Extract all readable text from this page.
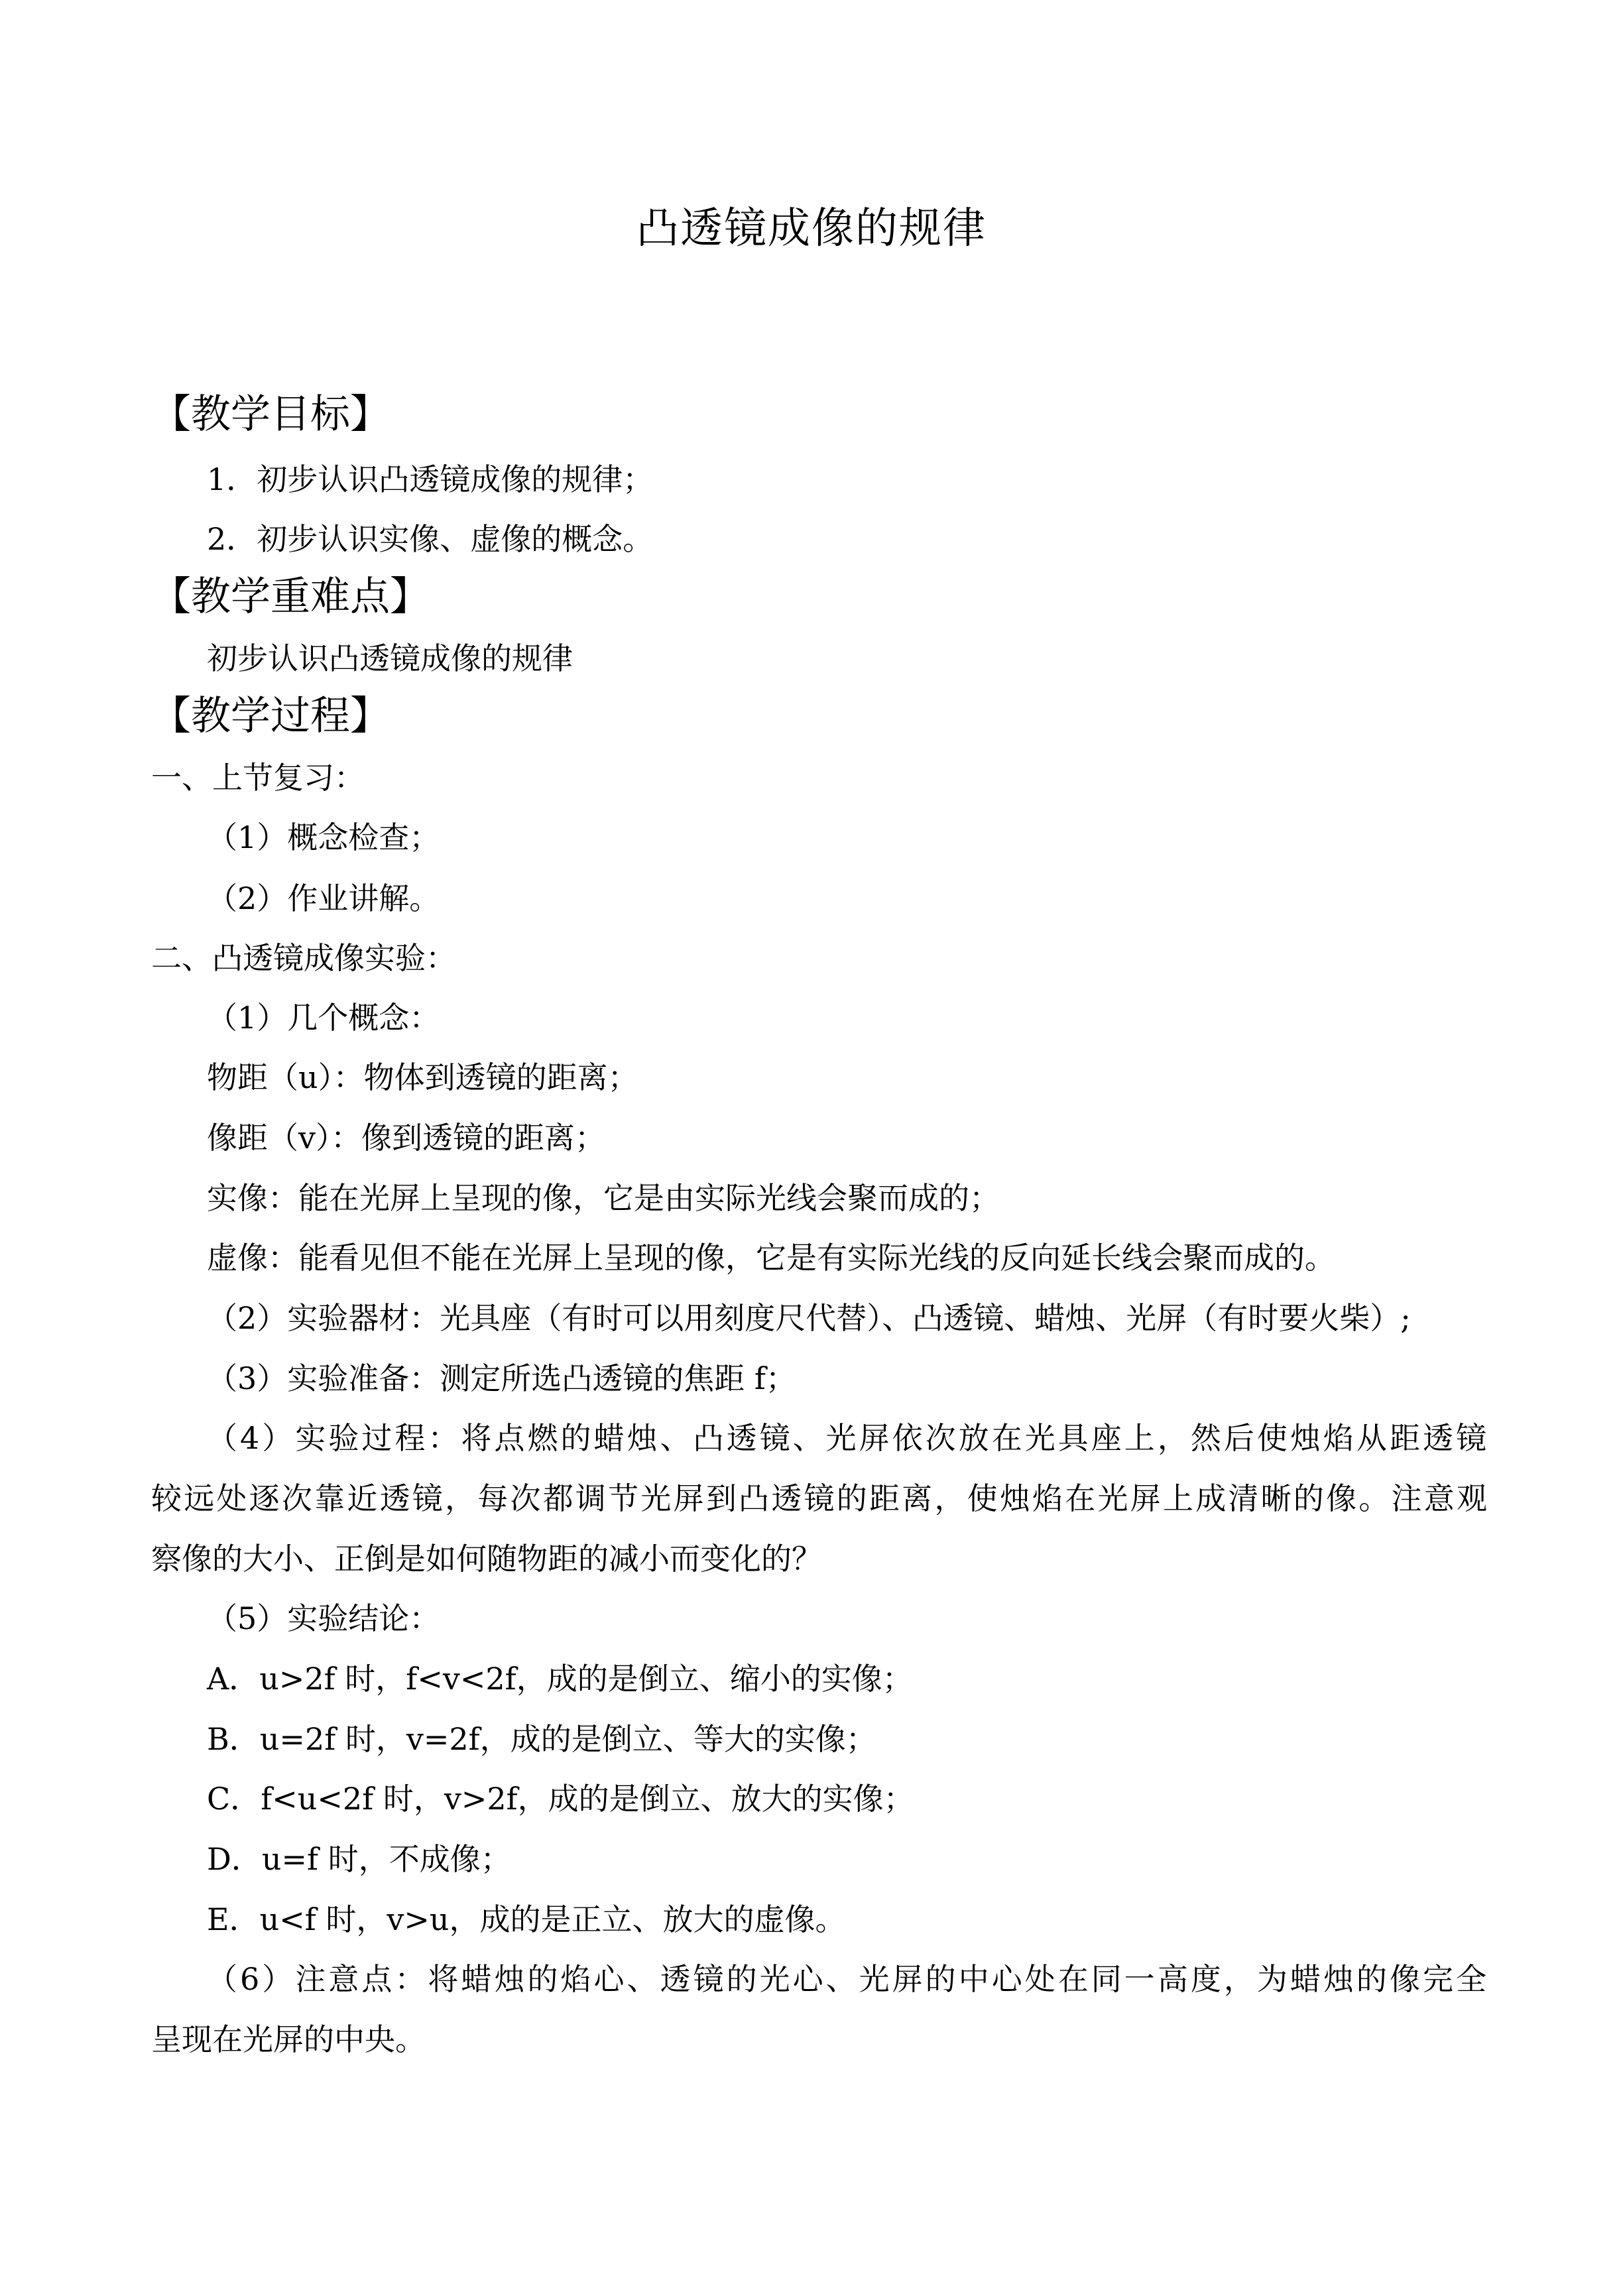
凸透镜成像的规律
【教学目标】
1．初步认识凸透镜成像的规律；
2．初步认识实像、虚像的概念。
【教学重难点】
初步认识凸透镜成像的规律
【教学过程】
一、上节复习：
（1）概念检查；
（2）作业讲解。
二、凸透镜成像实验：
（1）几个概念：
物距（u）：物体到透镜的距离；
像距（v）：像到透镜的距离；
实像：能在光屏上呈现的像，它是由实际光线会聚而成的；
虚像：能看见但不能在光屏上呈现的像，它是有实际光线的反向延长线会聚而成的。
（2）实验器材：光具座（有时可以用刻度尺代替）、凸透镜、蜡烛、光屏（有时要火柴）;
（3）实验准备：测定所选凸透镜的焦距 f；
（4）实验过程：将点燃的蜡烛、凸透镜、光屏依次放在光具座上，然后使烛焰从距透镜
较远处逐次靠近透镜，每次都调节光屏到凸透镜的距离，使烛焰在光屏上成清晰的像。注意观
察像的大小、正倒是如何随物距的减小而变化的？
（5）实验结论：
A．u>2f 时，f<v<2f，成的是倒立、缩小的实像；
B．u=2f 时，v=2f，成的是倒立、等大的实像；
C．f<u<2f 时，v>2f，成的是倒立、放大的实像；
D．u=f 时，不成像；
E．u<f 时，v>u，成的是正立、放大的虚像。
（6）注意点：将蜡烛的焰心、透镜的光心、光屏的中心处在同一高度，为蜡烛的像完全
呈现在光屏的中央。
